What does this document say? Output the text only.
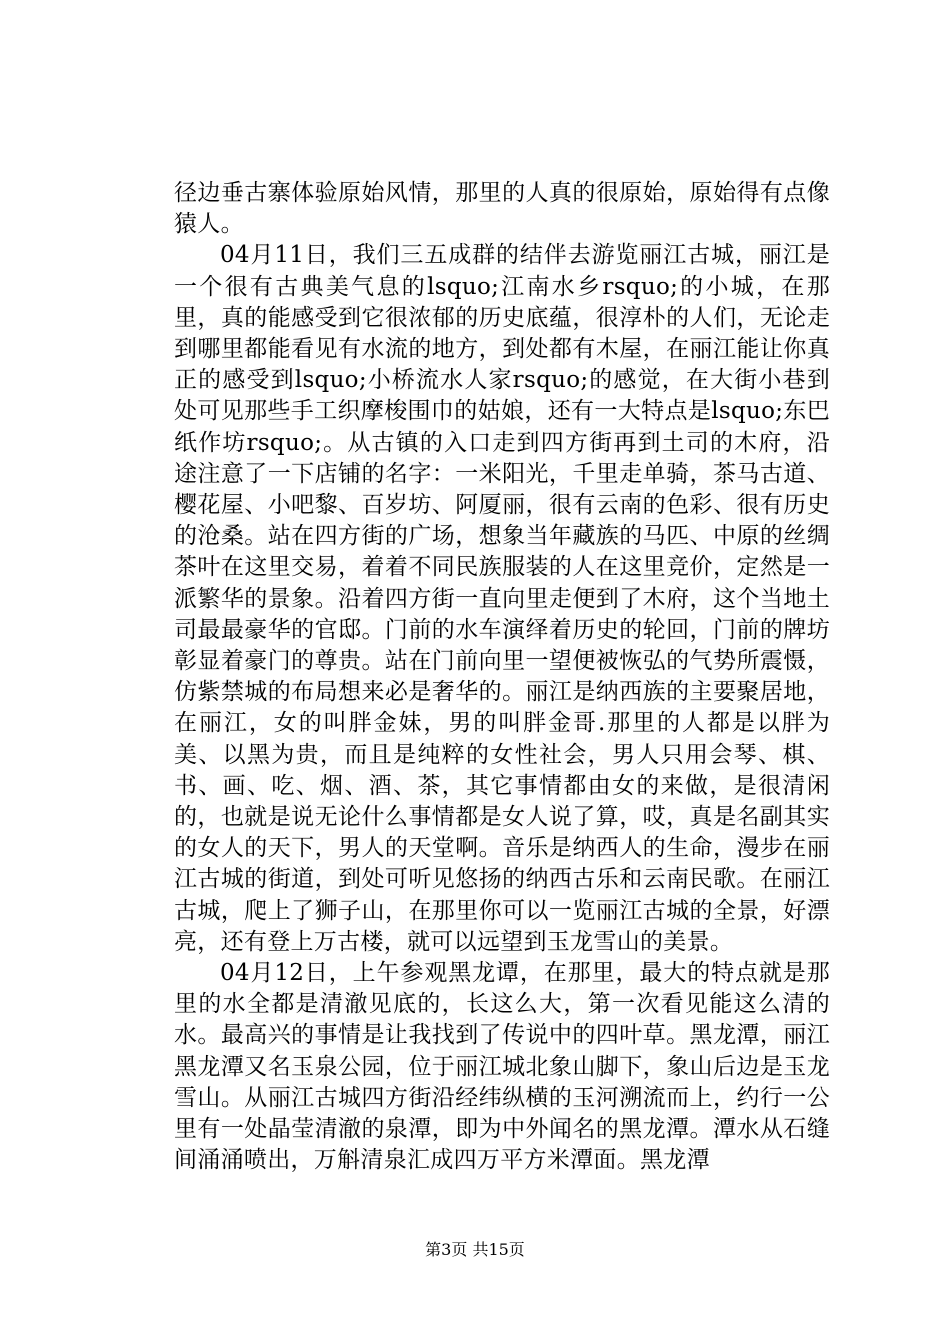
径边垂古寨体验原始风情，那里的人真的很原始，原始得有点像猿人。

04月11日，我们三五成群的结伴去游览丽江古城，丽江是一个很有古典美气息的lsquo;江南水乡rsquo;的小城，在那里，真的能感受到它很浓郁的历史底蕴，很淳朴的人们，无论走到哪里都能看见有水流的地方，到处都有木屋，在丽江能让你真正的感受到lsquo;小桥流水人家rsquo;的感觉，在大街小巷到处可见那些手工织摩梭围巾的姑娘，还有一大特点是lsquo;东巴纸作坊rsquo;。从古镇的入口走到四方街再到土司的木府，沿途注意了一下店铺的名字：一米阳光，千里走单骑，茶马古道、樱花屋、小吧黎、百岁坊、阿厦丽，很有云南的色彩、很有历史的沧桑。站在四方街的广场，想象当年藏族的马匹、中原的丝绸茶叶在这里交易，着着不同民族服装的人在这里竞价，定然是一派繁华的景象。沿着四方街一直向里走便到了木府，这个当地土司最最豪华的官邸。门前的水车演绎着历史的轮回，门前的牌坊彰显着豪门的尊贵。站在门前向里一望便被恢弘的气势所震慑，仿紫禁城的布局想来必是奢华的。丽江是纳西族的主要聚居地，在丽江，女的叫胖金妹，男的叫胖金哥.那里的人都是以胖为美、以黑为贵，而且是纯粹的女性社会，男人只用会琴、棋、书、画、吃、烟、酒、茶，其它事情都由女的来做，是很清闲的，也就是说无论什么事情都是女人说了算，哎，真是名副其实的女人的天下，男人的天堂啊。音乐是纳西人的生命，漫步在丽江古城的街道，到处可听见悠扬的纳西古乐和云南民歌。在丽江古城，爬上了狮子山，在那里你可以一览丽江古城的全景，好漂亮，还有登上万古楼，就可以远望到玉龙雪山的美景。

04月12日，上午参观黑龙谭，在那里，最大的特点就是那里的水全都是清澈见底的，长这么大，第一次看见能这么清的水。最高兴的事情是让我找到了传说中的四叶草。黑龙潭，丽江黑龙潭又名玉泉公园，位于丽江城北象山脚下，象山后边是玉龙雪山。从丽江古城四方街沿经纬纵横的玉河溯流而上，约行一公里有一处晶莹清澈的泉潭，即为中外闻名的黑龙潭。潭水从石缝间涌涌喷出，万斛清泉汇成四万平方米潭面。黑龙潭

第3页 共15页
